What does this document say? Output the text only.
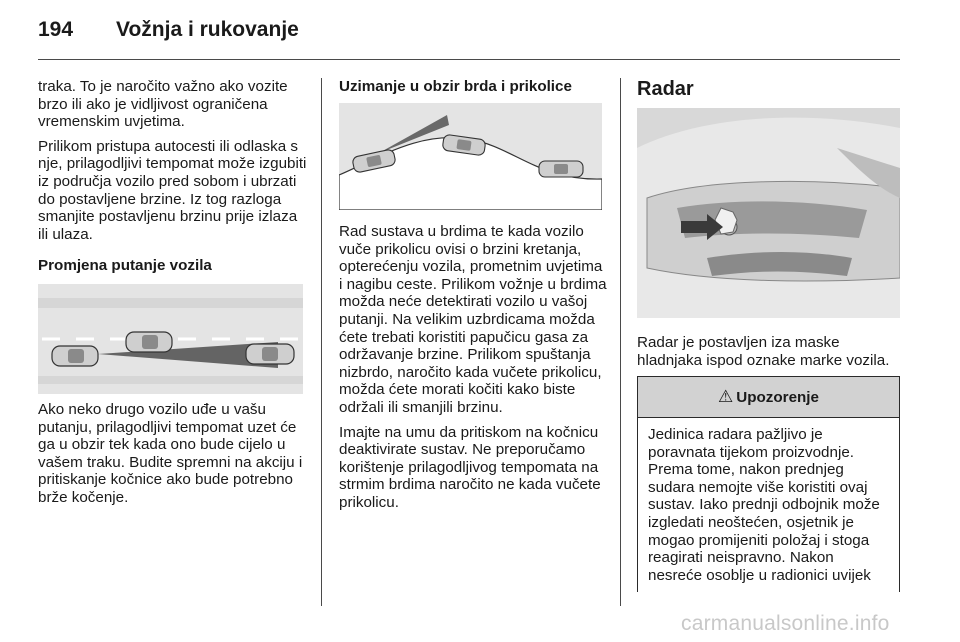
194 Vožnja i rukovanje

traka. To je naročito važno ako vozite brzo ili ako je vidljivost ograničena vremenskim uvjetima.

Prilikom pristupa autocesti ili odlaska s nje, prilagodljivi tempomat može izgubiti iz područja vozilo pred sobom i ubrzati do postavljene brzine. Iz tog razloga smanjite postavljenu brzinu prije izlaza ili ulaza.

Promjena putanje vozila

Ako neko drugo vozilo uđe u vašu putanju, prilagodljivi tempomat uzet će ga u obzir tek kada ono bude cijelo u vašem traku. Budite spremni na akciju i pritiskanje kočnice ako bude potrebno brže kočenje.

Uzimanje u obzir brda i prikolice

Rad sustava u brdima te kada vozilo vuče prikolicu ovisi o brzini kretanja, opterećenju vozila, prometnim uvjetima i nagibu ceste. Prilikom vožnje u brdima možda neće detektirati vozilo u vašoj putanji. Na velikim uzbrdicama možda ćete trebati koristiti papučicu gasa za održavanje brzine. Prilikom spuštanja nizbrdo, naročito kada vučete prikolicu, možda ćete morati kočiti kako biste održali ili smanjili brzinu.

Imajte na umu da pritiskom na kočnicu deaktivirate sustav. Ne preporučamo korištenje prilagodljivog tempomata na strmim brdima naročito ne kada vučete prikolicu.

Radar

Radar je postavljen iza maske hladnjaka ispod oznake marke vozila.

⚠ Upozorenje
Jedinica radara pažljivo je poravnata tijekom proizvodnje. Prema tome, nakon prednjeg sudara nemojte više koristiti ovaj sustav. Iako prednji odbojnik može izgledati neoštećen, osjetnik je mogao promijeniti položaj i stoga reagirati neispravno. Nakon nesreće osoblje u radionici uvijek
carmanualsonline.info
